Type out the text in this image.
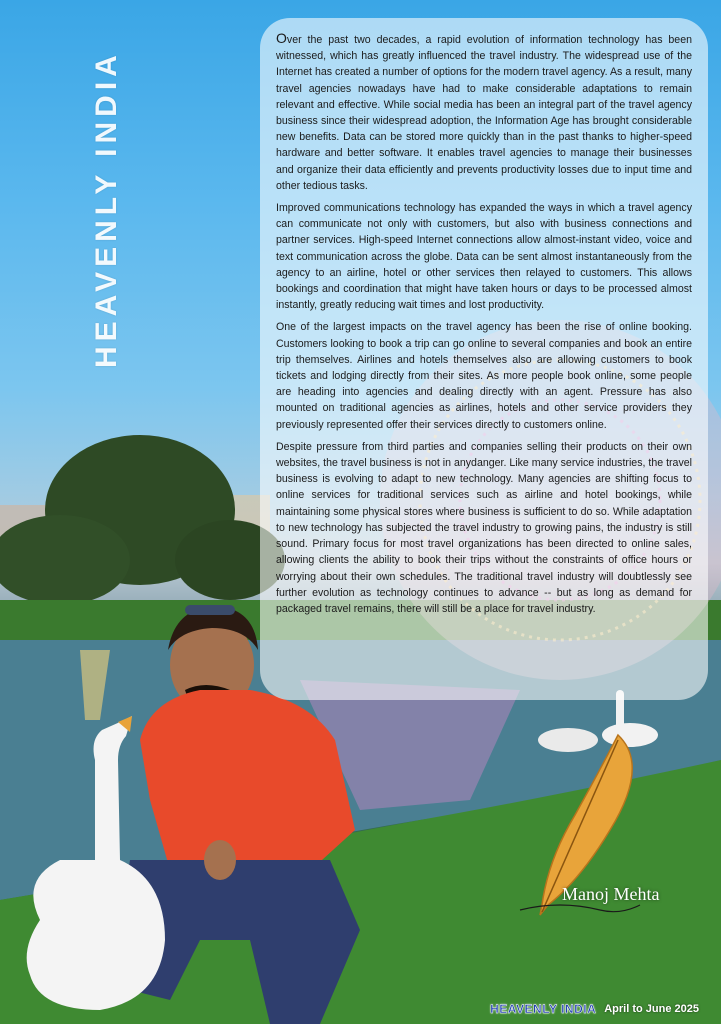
HEAVENLY INDIA

Over the past two decades, a rapid evolution of information technology has been witnessed, which has greatly influenced the travel industry. The widespread use of the Internet has created a number of options for the modern travel agency. As a result, many travel agencies nowadays have had to make considerable adaptations to remain relevant and effective. While social media has been an integral part of the travel agency business since their widespread adoption, the Information Age has brought considerable new benefits. Data can be stored more quickly than in the past thanks to higher-speed hardware and better software. It enables travel agencies to manage their businesses and organize their data efficiently and prevents productivity losses due to input time and other tedious tasks.

Improved communications technology has expanded the ways in which a travel agency can communicate not only with customers, but also with business connections and partner services. High-speed Internet connections allow almost-instant video, voice and text communication across the globe. Data can be sent almost instantaneously from the agency to an airline, hotel or other services then relayed to customers. This allows bookings and coordination that might have taken hours or days to be processed almost instantly, greatly reducing wait times and lost productivity.

One of the largest impacts on the travel agency has been the rise of online booking. Customers looking to book a trip can go online to several companies and book an entire trip themselves. Airlines and hotels themselves also are allowing customers to book tickets and lodging directly from their sites. As more people book online, some people are heading into agencies and dealing directly with an agent. Pressure has also mounted on traditional agencies as airlines, hotels and other service providers they previously represented offer their services directly to customers online.

Despite pressure from third parties and companies selling their products on their own websites, the travel business is not in anydanger. Like many service industries, the travel business is evolving to adapt to new technology. Many agencies are shifting focus to online services for traditional services such as airline and hotel bookings, while maintaining some physical stores where business is sufficient to do so. While adaptation to new technology has subjected the travel industry to growing pains, the industry is still sound. Primary focus for most travel organizations has been directed to online sales, allowing clients the ability to book their trips without the constraints of office hours or worrying about their own schedules. The traditional travel industry will doubtlessly see further evolution as technology continues to advance -- but as long as demand for packaged travel remains, there will still be a place for travel industry.

Manoj Mehta
HEAVENLY INDIA April to June 2025
